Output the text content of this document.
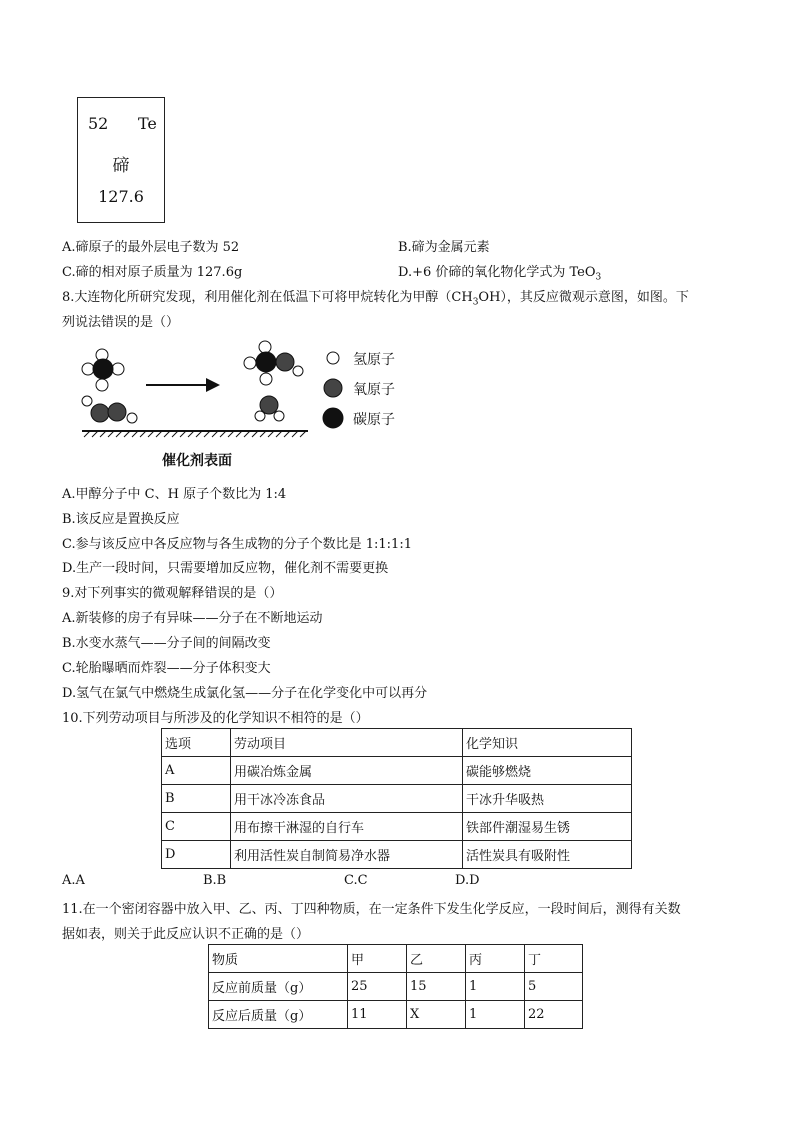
52 Te
碲
127.6
A.碲原子的最外层电子数为 52	B.碲为金属元素
C.碲的相对原子质量为 127.6g	D.+6 价碲的氧化物化学式为 TeO$_3$
8.大连物化所研究发现，利用催化剂在低温下可将甲烷转化为甲醇$(CH_3OH)$，其反应微观示意图，如图。下
列说法错误的是（）
氢原子
氧原子
碳原子
催化剂表面
A.甲醇分子中 C、H 原子个数比为 1:4
B.该反应是置换反应
C.参与该反应中各反应物与各生成物的分子个数比是 1:1:1:1
D.生产一段时间，只需要增加反应物，催化剂不需要更换
9.对下列事实的微观解释错误的是（）
A.新装修的房子有异味——分子在不断地运动
B.水变水蒸气——分子间的间隔改变
C.轮胎曝晒而炸裂——分子体积变大
D.氢气在氯气中燃烧生成氯化氢——分子在化学变化中可以再分
10.下列劳动项目与所涉及的化学知识不相符的是（）
选项	劳动项目	化学知识
A	用碳冶炼金属	碳能够燃烧
B	用干冰冷冻食品	干冰升华吸热
C	用布擦干淋湿的自行车	铁部件潮湿易生锈
D	利用活性炭自制简易净水器	活性炭具有吸附性
A.A	B.B	C.C	D.D
11.在一个密闭容器中放入甲、乙、丙、丁四种物质，在一定条件下发生化学反应，一段时间后，测得有关数
据如表，则关于此反应认识不正确的是（）
物质	甲	乙	丙	丁
反应前质量（g）	25	15	1	5
反应后质量（g）	11	X	1	22
